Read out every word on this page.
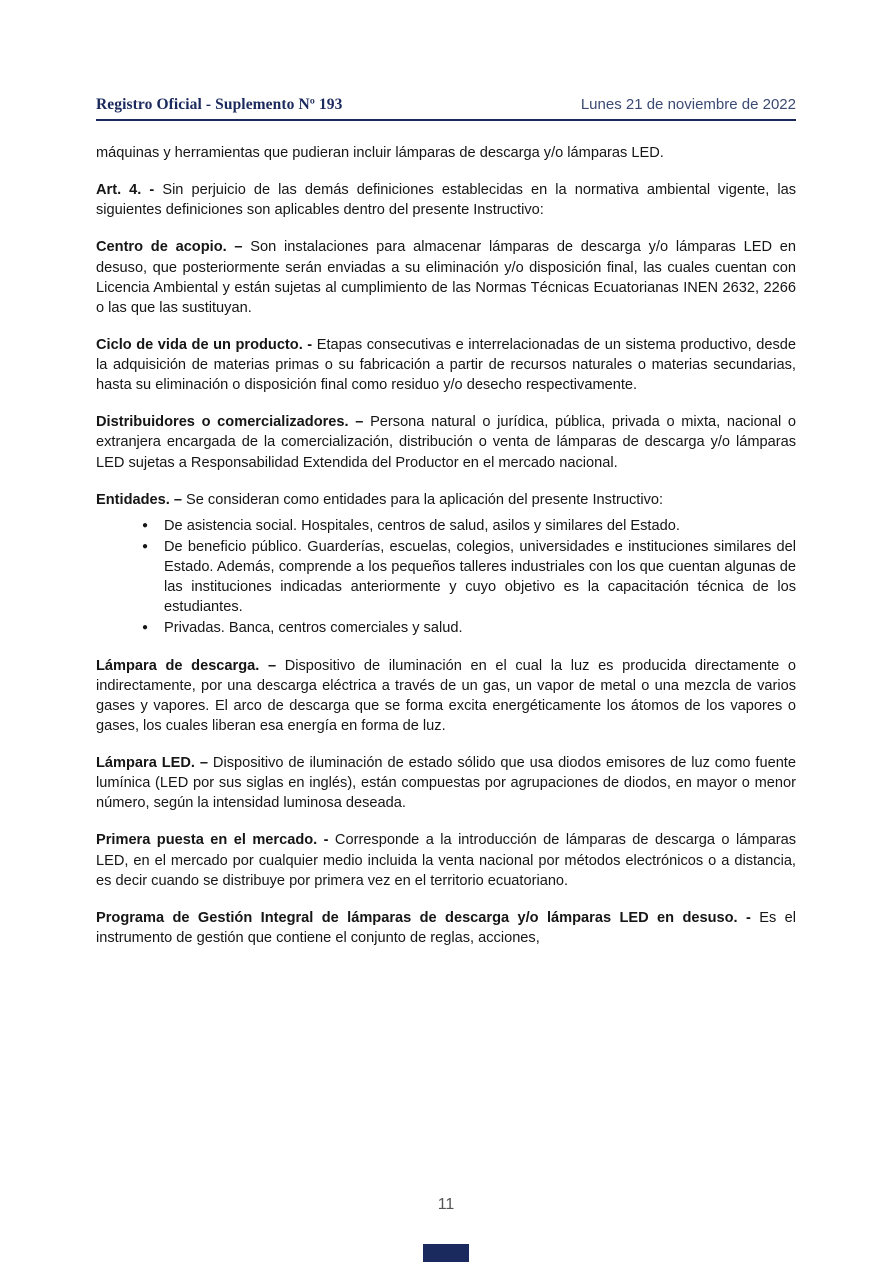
Registro Oficial - Suplemento Nº 193	Lunes 21 de noviembre de 2022

máquinas y herramientas que pudieran incluir lámparas de descarga y/o lámparas LED.

Art. 4. - Sin perjuicio de las demás definiciones establecidas en la normativa ambiental vigente, las siguientes definiciones son aplicables dentro del presente Instructivo:

Centro de acopio. – Son instalaciones para almacenar lámparas de descarga y/o lámparas LED en desuso, que posteriormente serán enviadas a su eliminación y/o disposición final, las cuales cuentan con Licencia Ambiental y están sujetas al cumplimiento de las Normas Técnicas Ecuatorianas INEN 2632, 2266 o las que las sustituyan.

Ciclo de vida de un producto. - Etapas consecutivas e interrelacionadas de un sistema productivo, desde la adquisición de materias primas o su fabricación a partir de recursos naturales o materias secundarias, hasta su eliminación o disposición final como residuo y/o desecho respectivamente.

Distribuidores o comercializadores. – Persona natural o jurídica, pública, privada o mixta, nacional o extranjera encargada de la comercialización, distribución o venta de lámparas de descarga y/o lámparas LED sujetas a Responsabilidad Extendida del Productor en el mercado nacional.

Entidades. – Se consideran como entidades para la aplicación del presente Instructivo:

● De asistencia social. Hospitales, centros de salud, asilos y similares del Estado.
● De beneficio público. Guarderías, escuelas, colegios, universidades e instituciones similares del Estado. Además, comprende a los pequeños talleres industriales con los que cuentan algunas de las instituciones indicadas anteriormente y cuyo objetivo es la capacitación técnica de los estudiantes.
● Privadas. Banca, centros comerciales y salud.

Lámpara de descarga. – Dispositivo de iluminación en el cual la luz es producida directamente o indirectamente, por una descarga eléctrica a través de un gas, un vapor de metal o una mezcla de varios gases y vapores. El arco de descarga que se forma excita energéticamente los átomos de los vapores o gases, los cuales liberan esa energía en forma de luz.

Lámpara LED. – Dispositivo de iluminación de estado sólido que usa diodos emisores de luz como fuente lumínica (LED por sus siglas en inglés), están compuestas por agrupaciones de diodos, en mayor o menor número, según la intensidad luminosa deseada.

Primera puesta en el mercado. - Corresponde a la introducción de lámparas de descarga o lámparas LED, en el mercado por cualquier medio incluida la venta nacional por métodos electrónicos o a distancia, es decir cuando se distribuye por primera vez en el territorio ecuatoriano.

Programa de Gestión Integral de lámparas de descarga y/o lámparas LED en desuso. - Es el instrumento de gestión que contiene el conjunto de reglas, acciones,

11
